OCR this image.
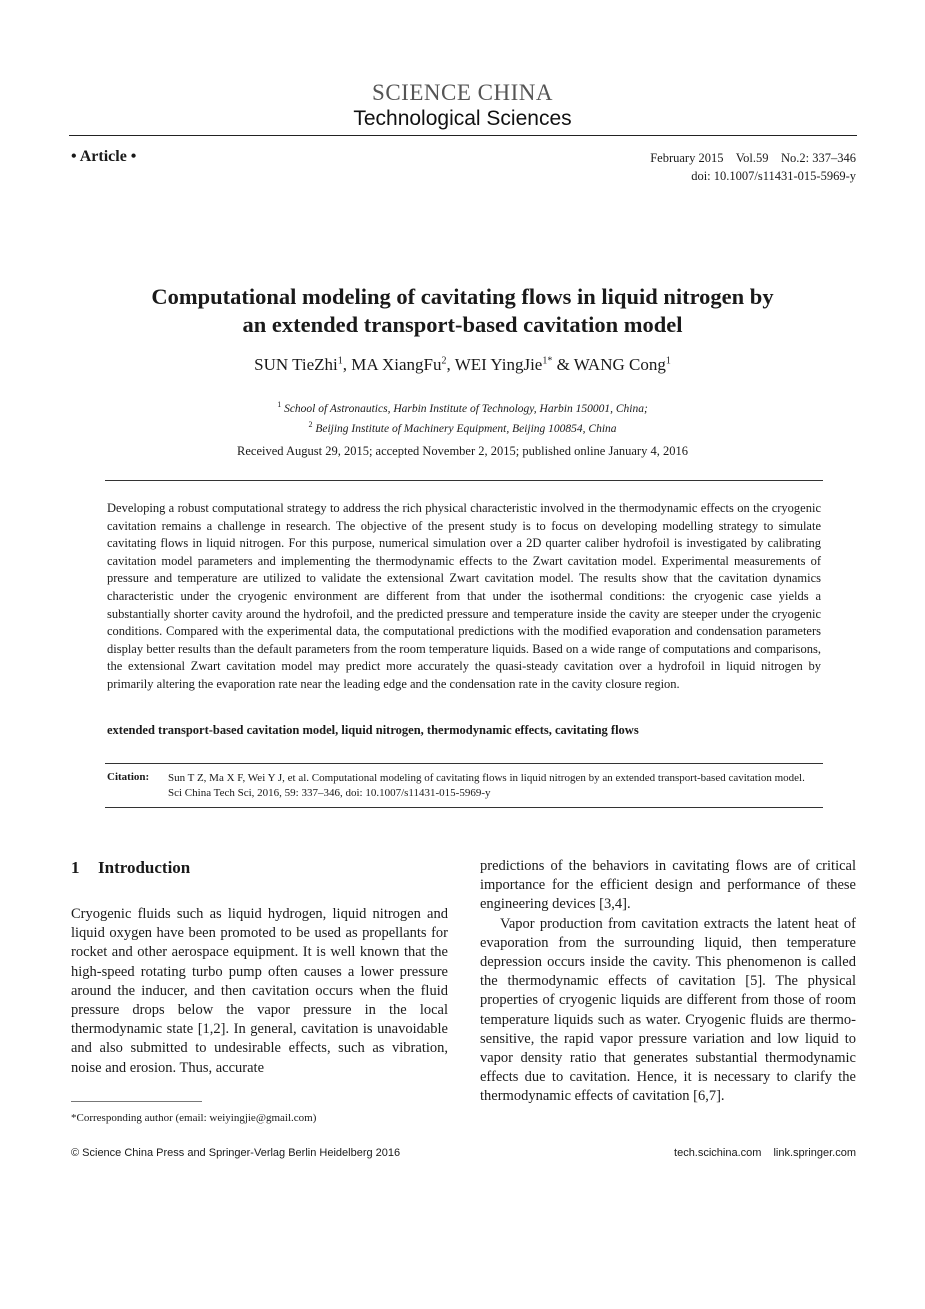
SCIENCE CHINA
Technological Sciences
• Article •	February 2015    Vol.59    No.2: 337–346
doi: 10.1007/s11431-015-5969-y
Computational modeling of cavitating flows in liquid nitrogen by
an extended transport-based cavitation model
SUN TieZhi$^1$, MA XiangFu$^2$, WEI YingJie$^{1*}$ & WANG Cong$^1$
$^1$ School of Astronautics, Harbin Institute of Technology, Harbin 150001, China;
$^2$ Beijing Institute of Machinery Equipment, Beijing 100854, China
Received August 29, 2015; accepted November 2, 2015; published online January 4, 2016
Developing a robust computational strategy to address the rich physical characteristic involved in the thermodynamic effects on the cryogenic cavitation remains a challenge in research. The objective of the present study is to focus on developing modelling strategy to simulate cavitating flows in liquid nitrogen. For this purpose, numerical simulation over a 2D quarter caliber hydrofoil is investigated by calibrating cavitation model parameters and implementing the thermodynamic effects to the Zwart cavitation model. Experimental measurements of pressure and temperature are utilized to validate the extensional Zwart cavitation model. The results show that the cavitation dynamics characteristic under the cryogenic environment are different from that under the isothermal conditions: the cryogenic case yields a substantially shorter cavity around the hydrofoil, and the predicted pressure and temperature inside the cavity are steeper under the cryogenic conditions. Compared with the experimental data, the computational predictions with the modified evaporation and condensation parameters display better results than the default parameters from the room temperature liquids. Based on a wide range of computations and comparisons, the extensional Zwart cavitation model may predict more accurately the quasi-steady cavitation over a hydrofoil in liquid nitrogen by primarily altering the evaporation rate near the leading edge and the condensation rate in the cavity closure region.
extended transport-based cavitation model, liquid nitrogen, thermodynamic effects, cavitating flows
Citation: Sun T Z, Ma X F, Wei Y J, et al. Computational modeling of cavitating flows in liquid nitrogen by an extended transport-based cavitation model. Sci China Tech Sci, 2016, 59: 337–346, doi: 10.1007/s11431-015-5969-y
1 Introduction

Cryogenic fluids such as liquid hydrogen, liquid nitrogen and liquid oxygen have been promoted to be used as propellants for rocket and other aerospace equipment. It is well known that the high-speed rotating turbo pump often causes a lower pressure around the inducer, and then cavitation occurs when the fluid pressure drops below the vapor pressure in the local thermodynamic state [1,2]. In general, cavitation is unavoidable and also submitted to undesirable effects, such as vibration, noise and erosion. Thus, accurate

predictions of the behaviors in cavitating flows are of critical importance for the efficient design and performance of these engineering devices [3,4].

Vapor production from cavitation extracts the latent heat of evaporation from the surrounding liquid, then temperature depression occurs inside the cavity. This phenomenon is called the thermodynamic effects of cavitation [5]. The physical properties of cryogenic liquids are different from those of room temperature liquids such as water. Cryogenic fluids are thermo-sensitive, the rapid vapor pressure variation and low liquid to vapor density ratio that generates substantial thermodynamic effects due to cavitation. Hence, it is necessary to clarify the thermodynamic effects of cavitation [6,7].

*Corresponding author (email: weiyingjie@gmail.com)
© Science China Press and Springer-Verlag Berlin Heidelberg 2016	tech.scichina.com link.springer.com
